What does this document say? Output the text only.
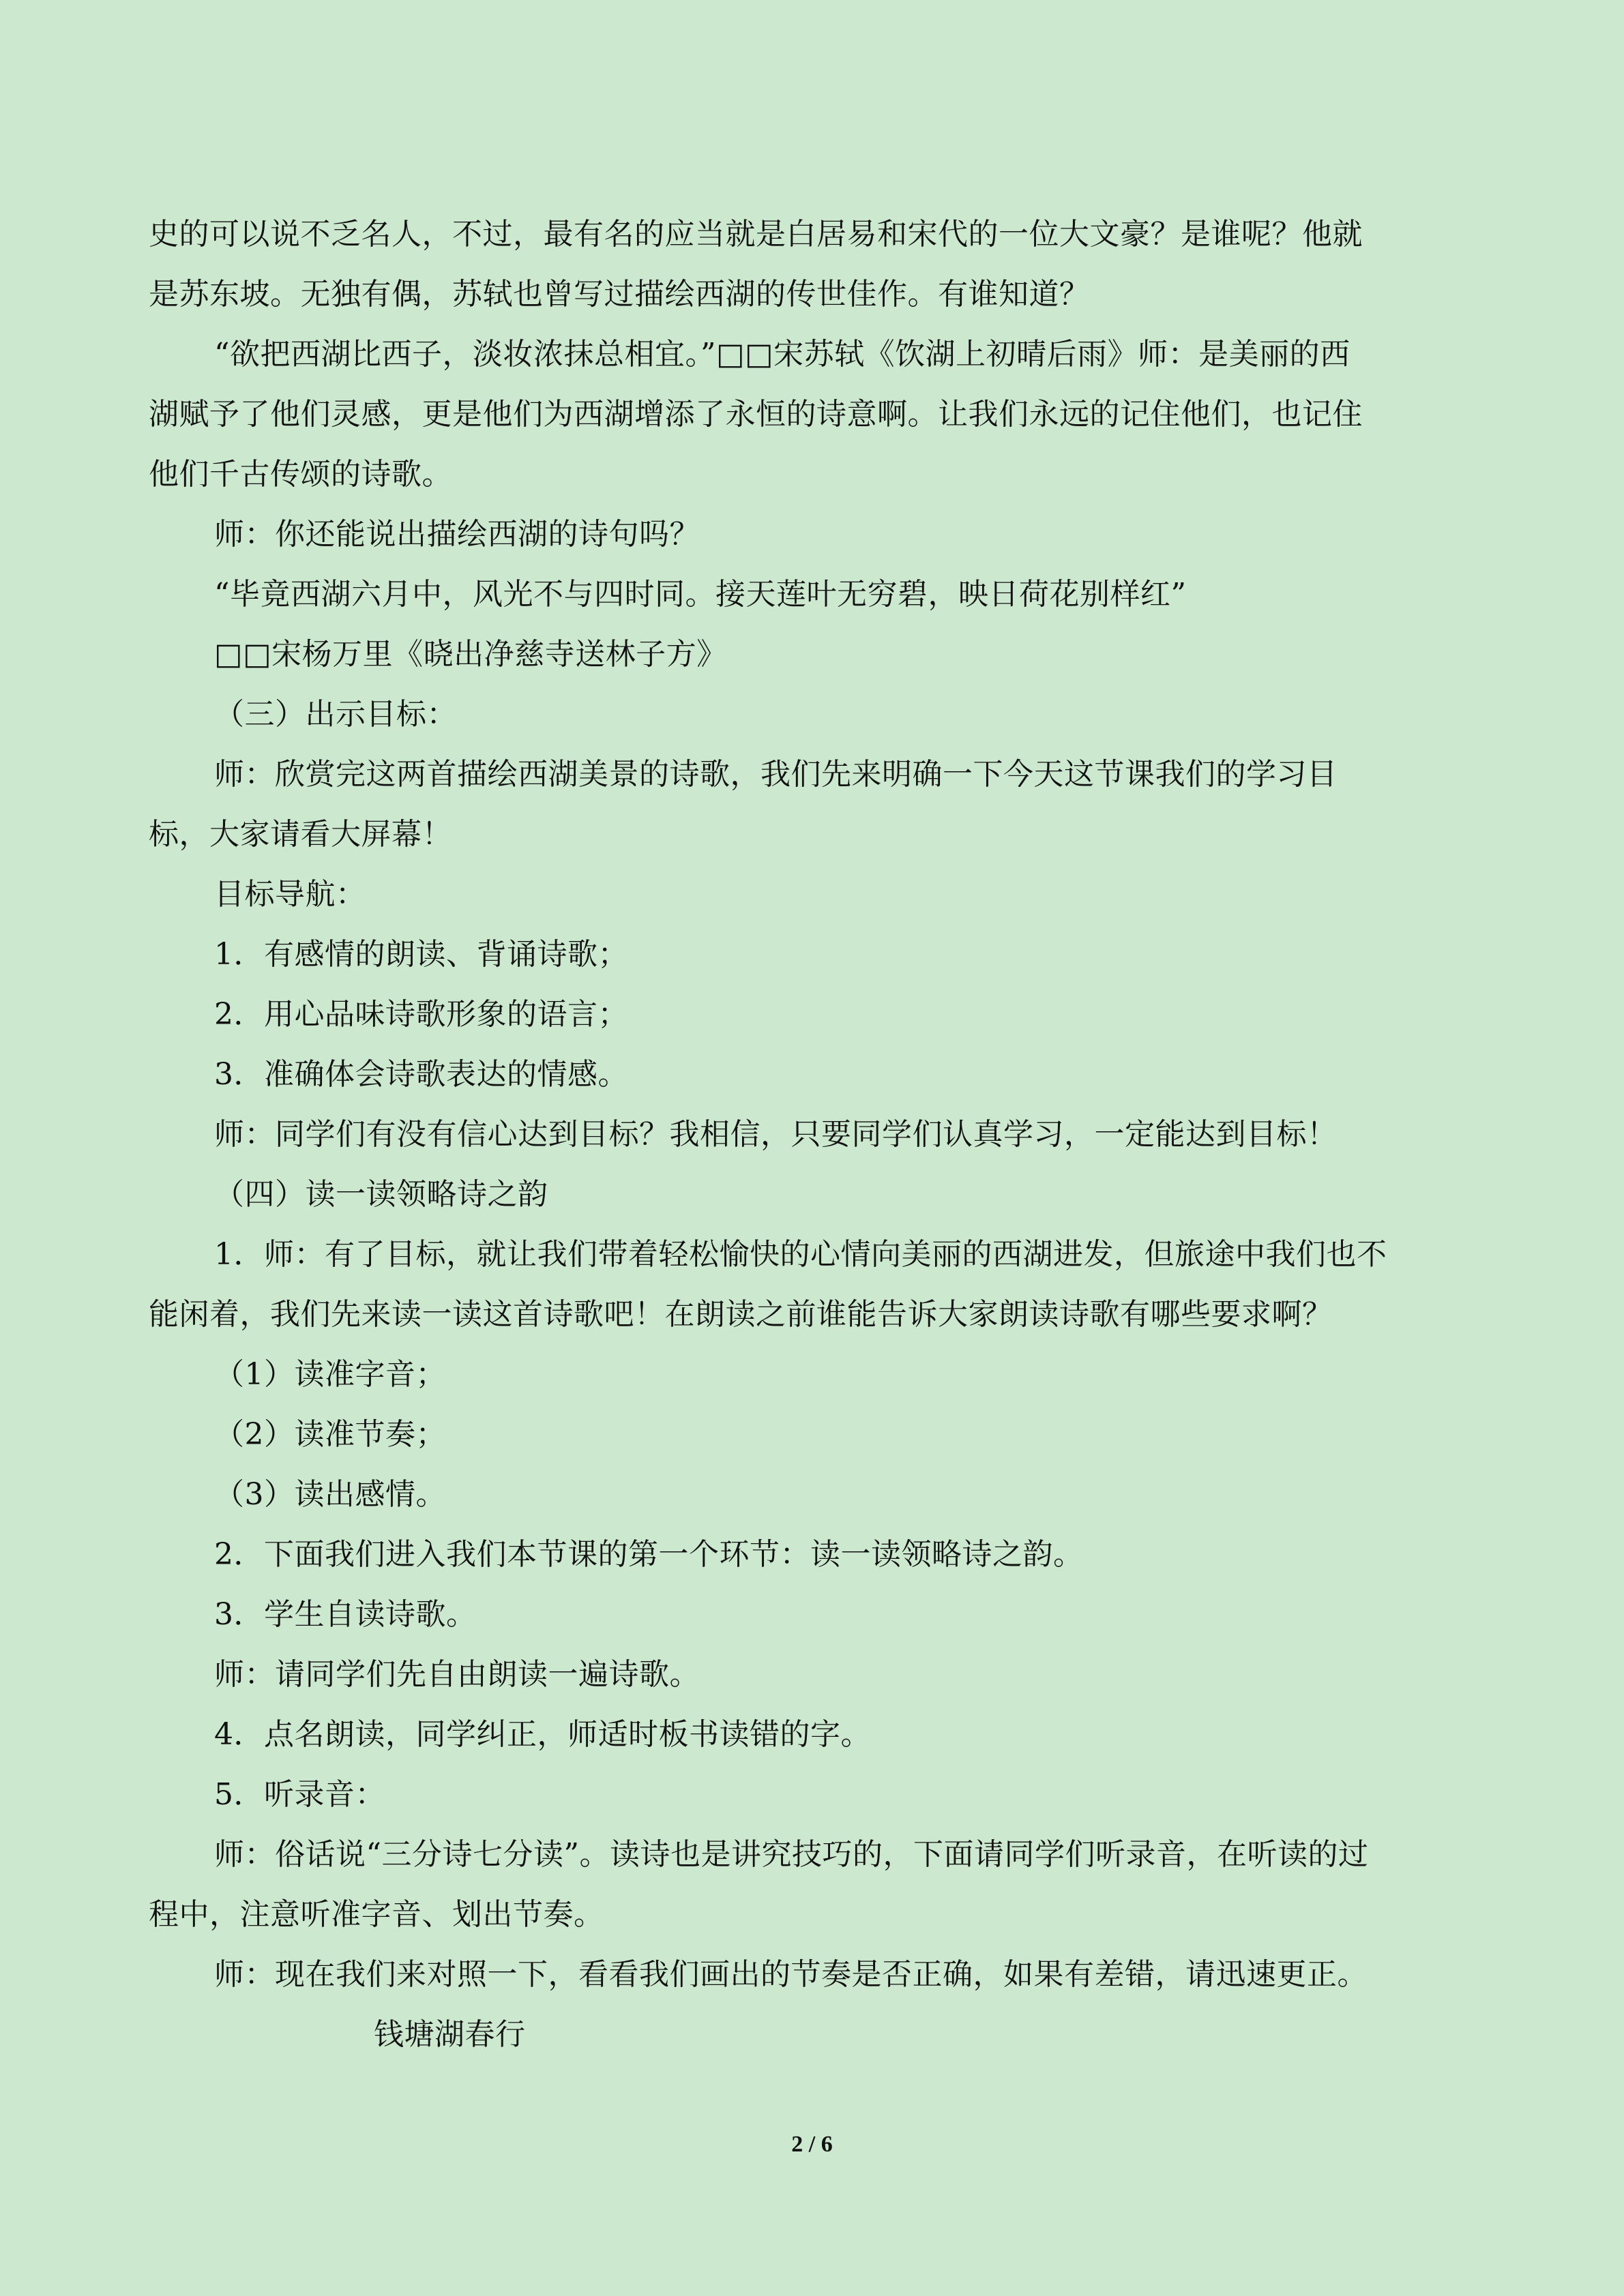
史的可以说不乏名人，不过，最有名的应当就是白居易和宋代的一位大文豪？是谁呢？他就
是苏东坡。无独有偶，苏轼也曾写过描绘西湖的传世佳作。有谁知道？
“欲把西湖比西子，淡妆浓抹总相宜。”□□宋苏轼《饮湖上初晴后雨》师：是美丽的西
湖赋予了他们灵感，更是他们为西湖增添了永恒的诗意啊。让我们永远的记住他们，也记住
他们千古传颂的诗歌。
师：你还能说出描绘西湖的诗句吗？
“毕竟西湖六月中，风光不与四时同。接天莲叶无穷碧，映日荷花别样红”
□□宋杨万里《晓出净慈寺送林子方》
（三）出示目标：
师：欣赏完这两首描绘西湖美景的诗歌，我们先来明确一下今天这节课我们的学习目
标，大家请看大屏幕！
目标导航：
1．有感情的朗读、背诵诗歌；
2．用心品味诗歌形象的语言；
3．准确体会诗歌表达的情感。
师：同学们有没有信心达到目标？我相信，只要同学们认真学习，一定能达到目标！
（四）读一读领略诗之韵
1．师：有了目标，就让我们带着轻松愉快的心情向美丽的西湖进发，但旅途中我们也不
能闲着，我们先来读一读这首诗歌吧！在朗读之前谁能告诉大家朗读诗歌有哪些要求啊？
（1）读准字音；
（2）读准节奏；
（3）读出感情。
2．下面我们进入我们本节课的第一个环节：读一读领略诗之韵。
3．学生自读诗歌。
师：请同学们先自由朗读一遍诗歌。
4．点名朗读，同学纠正，师适时板书读错的字。
5．听录音：
师：俗话说“三分诗七分读”。读诗也是讲究技巧的，下面请同学们听录音，在听读的过
程中，注意听准字音、划出节奏。
师：现在我们来对照一下，看看我们画出的节奏是否正确，如果有差错，请迅速更正。
钱塘湖春行
2 / 6
